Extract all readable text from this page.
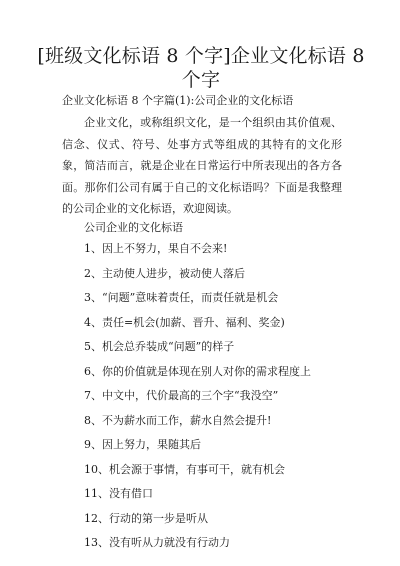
[班级文化标语 8 个字]企业文化标语 8 个字
企业文化标语 8 个字篇(1):公司企业的文化标语

企业文化，或称组织文化，是一个组织由其价值观、信念、仪式、符号、处事方式等组成的其特有的文化形象，简洁而言，就是企业在日常运行中所表现出的各方各面。那你们公司有属于自己的文化标语吗？下面是我整理的公司企业的文化标语，欢迎阅读。

公司企业的文化标语
1、因上不努力，果自不会来!
2、主动使人进步，被动使人落后
3、“问题”意味着责任，而责任就是机会
4、责任=机会(加薪、晋升、福利、奖金)
5、机会总乔装成“问题”的样子
6、你的价值就是体现在别人对你的需求程度上
7、中文中，代价最高的三个字“我没空”
8、不为薪水而工作，薪水自然会提升!
9、因上努力，果随其后
10、机会源于事情，有事可干，就有机会
11、没有借口
12、行动的第一步是听从
13、没有听从力就没有行动力
